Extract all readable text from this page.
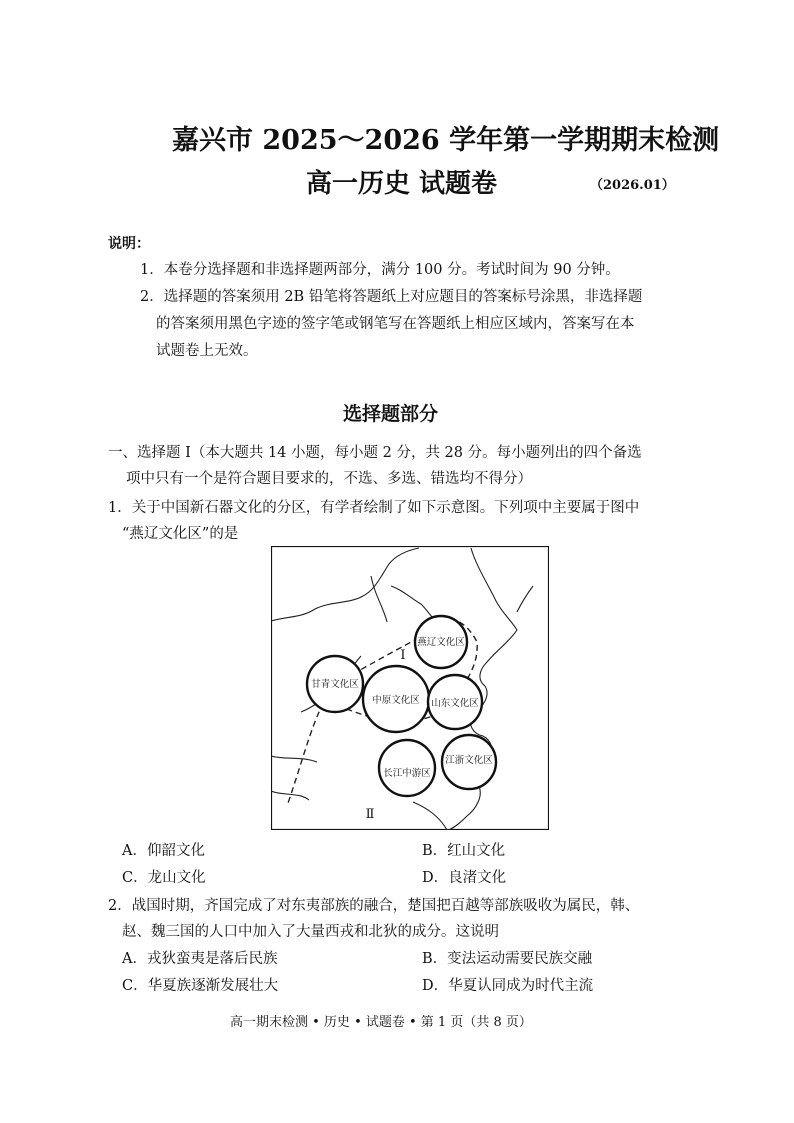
嘉兴市 2025～2026 学年第一学期期末检测
高一历史 试题卷	（2026.01）
说明：
1．本卷分选择题和非选择题两部分，满分 100 分。考试时间为 90 分钟。
2．选择题的答案须用 2B 铅笔将答题纸上对应题目的答案标号涂黑，非选择题
的答案须用黑色字迹的签字笔或钢笔写在答题纸上相应区域内，答案写在本
试题卷上无效。
选择题部分
一、选择题 Ⅰ（本大题共 14 小题，每小题 2 分，共 28 分。每小题列出的四个备选
项中只有一个是符合题目要求的，不选、多选、错选均不得分）
1．关于中国新石器文化的分区，有学者绘制了如下示意图。下列项中主要属于图中
“燕辽文化区”的是
燕辽文化区
甘青文化区
中原文化区 山东文化区
长江中游区
江浙文化区
Ⅰ
Ⅱ
A．仰韶文化	B．红山文化
C．龙山文化	D．良渚文化
2．战国时期，齐国完成了对东夷部族的融合，楚国把百越等部族吸收为属民，韩、
赵、魏三国的人口中加入了大量西戎和北狄的成分。这说明
A．戎狄蛮夷是落后民族	B．变法运动需要民族交融
C．华夏族逐渐发展壮大	D．华夏认同成为时代主流
高一期末检测 • 历史 • 试题卷 • 第 1 页（共 8 页）
